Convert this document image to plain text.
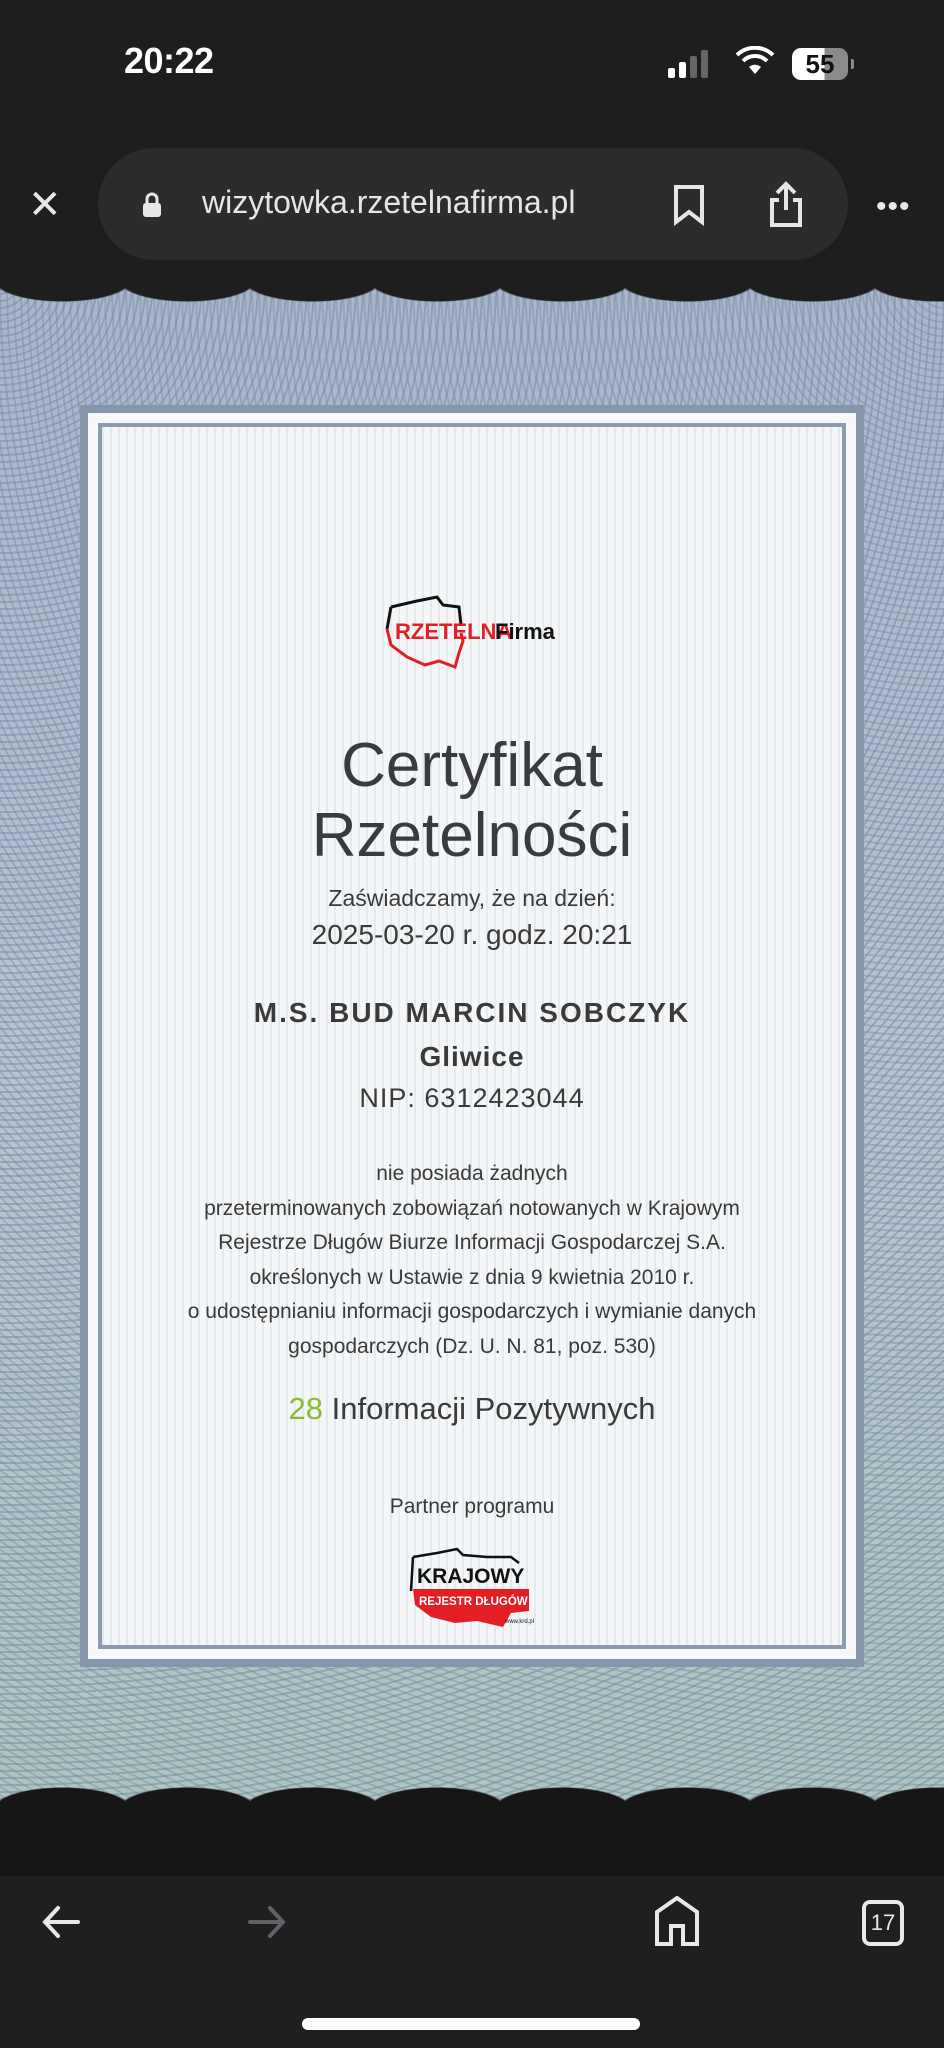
20:22	55
✕	wizytowka.rzetelnafirma.pl	•••
RZETELNA
Firma
Certyfikat
Rzetelności
Zaświadczamy, że na dzień:
2025-03-20 r. godz. 20:21
M.S. BUD MARCIN SOBCZYK
Gliwice
NIP: 6312423044
nie posiada żadnych
przeterminowanych zobowiązań notowanych w Krajowym
Rejestrze Długów Biurze Informacji Gospodarczej S.A.
określonych w Ustawie z dnia 9 kwietnia 2010 r.
o udostępnianiu informacji gospodarczych i wymianie danych
gospodarczych (Dz. U. N. 81, poz. 530)
28 Informacji Pozytywnych
Partner programu
KRAJOWY
REJESTR DŁUGÓW
www.krd.pl
17
